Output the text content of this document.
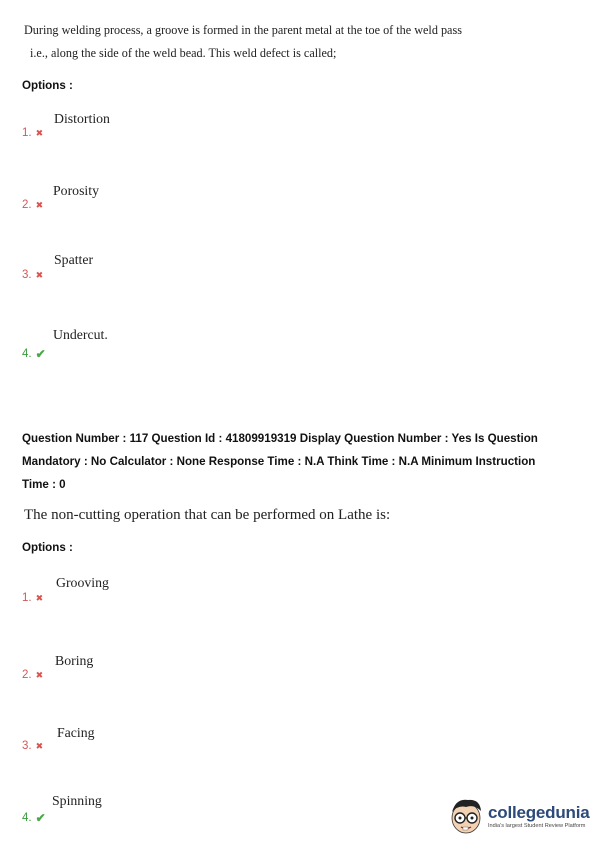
During welding process, a groove is formed in the parent metal at the toe of the weld pass
i.e., along the side of the weld bead. This weld defect is called;
Options :
Distortion
1. ✖
Porosity
2. ✖
Spatter
3. ✖
Undercut.
4. ✔
Question Number : 117 Question Id : 41809919319 Display Question Number : Yes Is Question
Mandatory : No Calculator : None Response Time : N.A Think Time : N.A Minimum Instruction
Time : 0
The non-cutting operation that can be performed on Lathe is:
Options :
Grooving
1. ✖
Boring
2. ✖
Facing
3. ✖
Spinning
4. ✔	collegedunia
India's largest Student Review Platform
